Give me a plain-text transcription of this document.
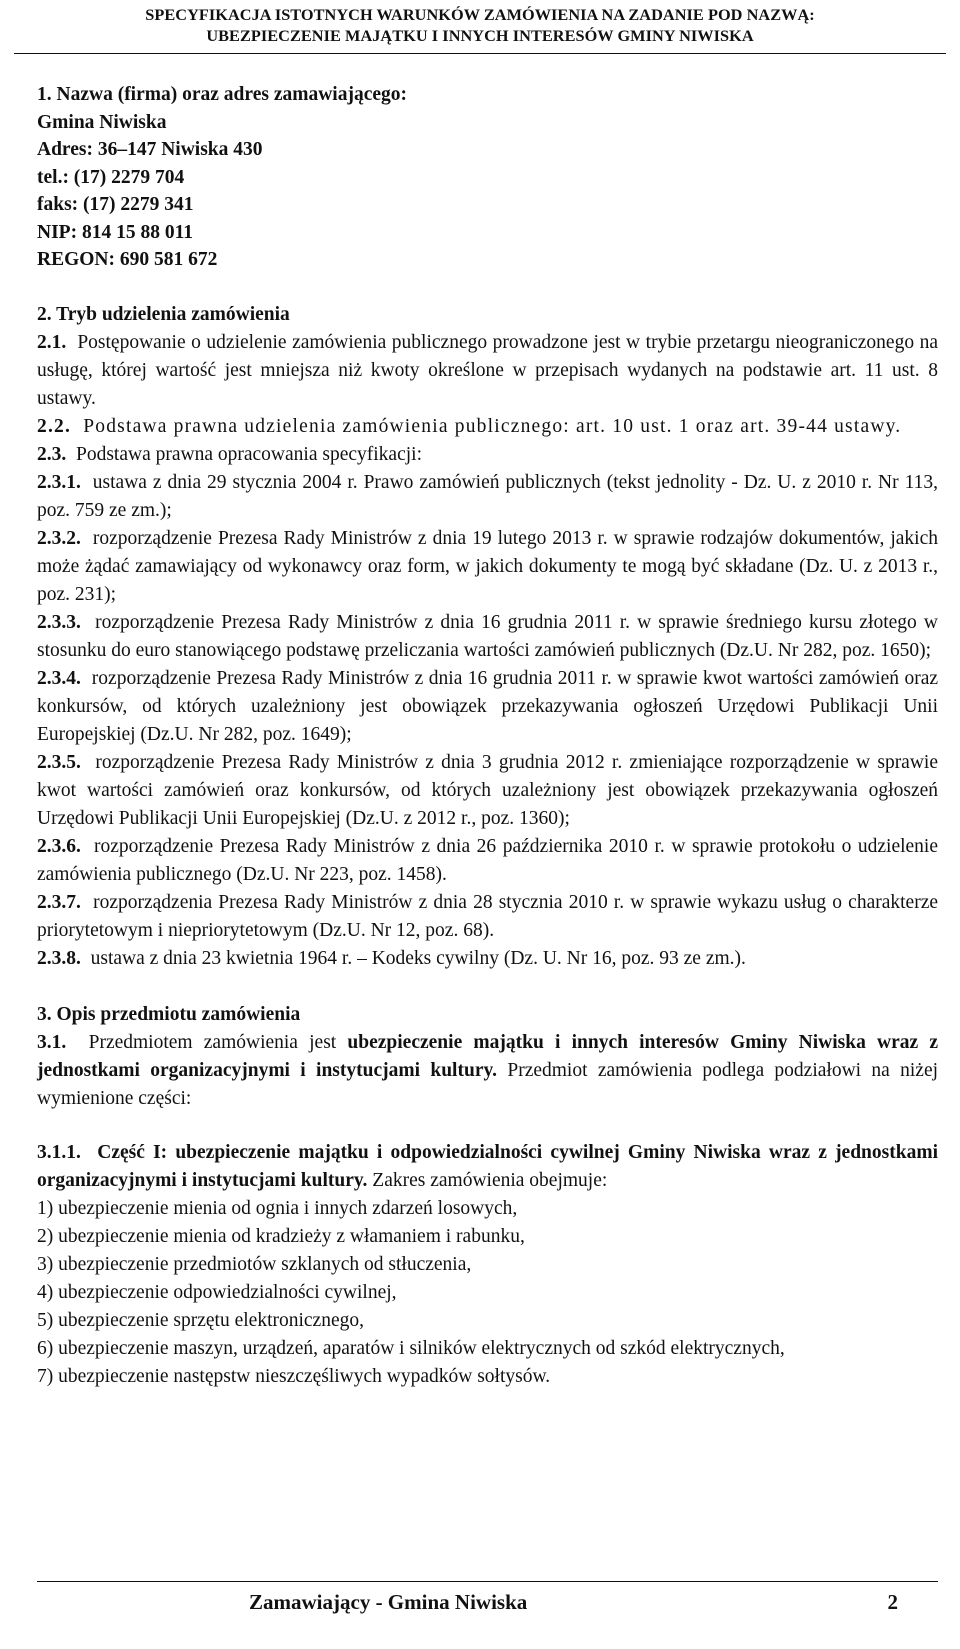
SPECYFIKACJA ISTOTNYCH WARUNKÓW ZAMÓWIENIA NA ZADANIE POD NAZWĄ:
UBEZPIECZENIE MAJĄTKU I INNYCH INTERESÓW GMINY NIWISKA
1. Nazwa (firma) oraz adres zamawiającego:
Gmina Niwiska
Adres: 36–147 Niwiska 430
tel.: (17) 2279 704
faks: (17) 2279 341
NIP: 814 15 88 011
REGON: 690 581 672
2. Tryb udzielenia zamówienia

2.1. Postępowanie o udzielenie zamówienia publicznego prowadzone jest w trybie przetargu nieograniczonego na usługę, której wartość jest mniejsza niż kwoty określone w przepisach wydanych na podstawie art. 11 ust. 8 ustawy.

2.2. Podstawa prawna udzielenia zamówienia publicznego: art. 10 ust. 1 oraz art. 39-44 ustawy.

2.3. Podstawa prawna opracowania specyfikacji:

2.3.1. ustawa z dnia 29 stycznia 2004 r. Prawo zamówień publicznych (tekst jednolity - Dz. U. z 2010 r. Nr 113, poz. 759 ze zm.);

2.3.2. rozporządzenie Prezesa Rady Ministrów z dnia 19 lutego 2013 r. w sprawie rodzajów dokumentów, jakich może żądać zamawiający od wykonawcy oraz form, w jakich dokumenty te mogą być składane (Dz. U. z 2013 r., poz. 231);

2.3.3. rozporządzenie Prezesa Rady Ministrów z dnia 16 grudnia 2011 r. w sprawie średniego kursu złotego w stosunku do euro stanowiącego podstawę przeliczania wartości zamówień publicznych (Dz.U. Nr 282, poz. 1650);

2.3.4. rozporządzenie Prezesa Rady Ministrów z dnia 16 grudnia 2011 r. w sprawie kwot wartości zamówień oraz konkursów, od których uzależniony jest obowiązek przekazywania ogłoszeń Urzędowi Publikacji Unii Europejskiej (Dz.U. Nr 282, poz. 1649);

2.3.5. rozporządzenie Prezesa Rady Ministrów z dnia 3 grudnia 2012 r. zmieniające rozporządzenie w sprawie kwot wartości zamówień oraz konkursów, od których uzależniony jest obowiązek przekazywania ogłoszeń Urzędowi Publikacji Unii Europejskiej (Dz.U. z 2012 r., poz. 1360);

2.3.6. rozporządzenie Prezesa Rady Ministrów z dnia 26 października 2010 r. w sprawie protokołu o udzielenie zamówienia publicznego (Dz.U. Nr 223, poz. 1458).

2.3.7. rozporządzenia Prezesa Rady Ministrów z dnia 28 stycznia 2010 r. w sprawie wykazu usług o charakterze priorytetowym i niepriorytetowym (Dz.U. Nr 12, poz. 68).

2.3.8. ustawa z dnia 23 kwietnia 1964 r. – Kodeks cywilny (Dz. U. Nr 16, poz. 93 ze zm.).

3. Opis przedmiotu zamówienia

3.1. Przedmiotem zamówienia jest ubezpieczenie majątku i innych interesów Gminy Niwiska wraz z jednostkami organizacyjnymi i instytucjami kultury. Przedmiot zamówienia podlega podziałowi na niżej wymienione części:

3.1.1. Część I: ubezpieczenie majątku i odpowiedzialności cywilnej Gminy Niwiska wraz z jednostkami organizacyjnymi i instytucjami kultury. Zakres zamówienia obejmuje:

1) ubezpieczenie mienia od ognia i innych zdarzeń losowych,
2) ubezpieczenie mienia od kradzieży z włamaniem i rabunku,
3) ubezpieczenie przedmiotów szklanych od stłuczenia,
4) ubezpieczenie odpowiedzialności cywilnej,
5) ubezpieczenie sprzętu elektronicznego,
6) ubezpieczenie maszyn, urządzeń, aparatów i silników elektrycznych od szkód elektrycznych,
7) ubezpieczenie następstw nieszczęśliwych wypadków sołtysów.
Zamawiający - Gmina Niwiska	2
